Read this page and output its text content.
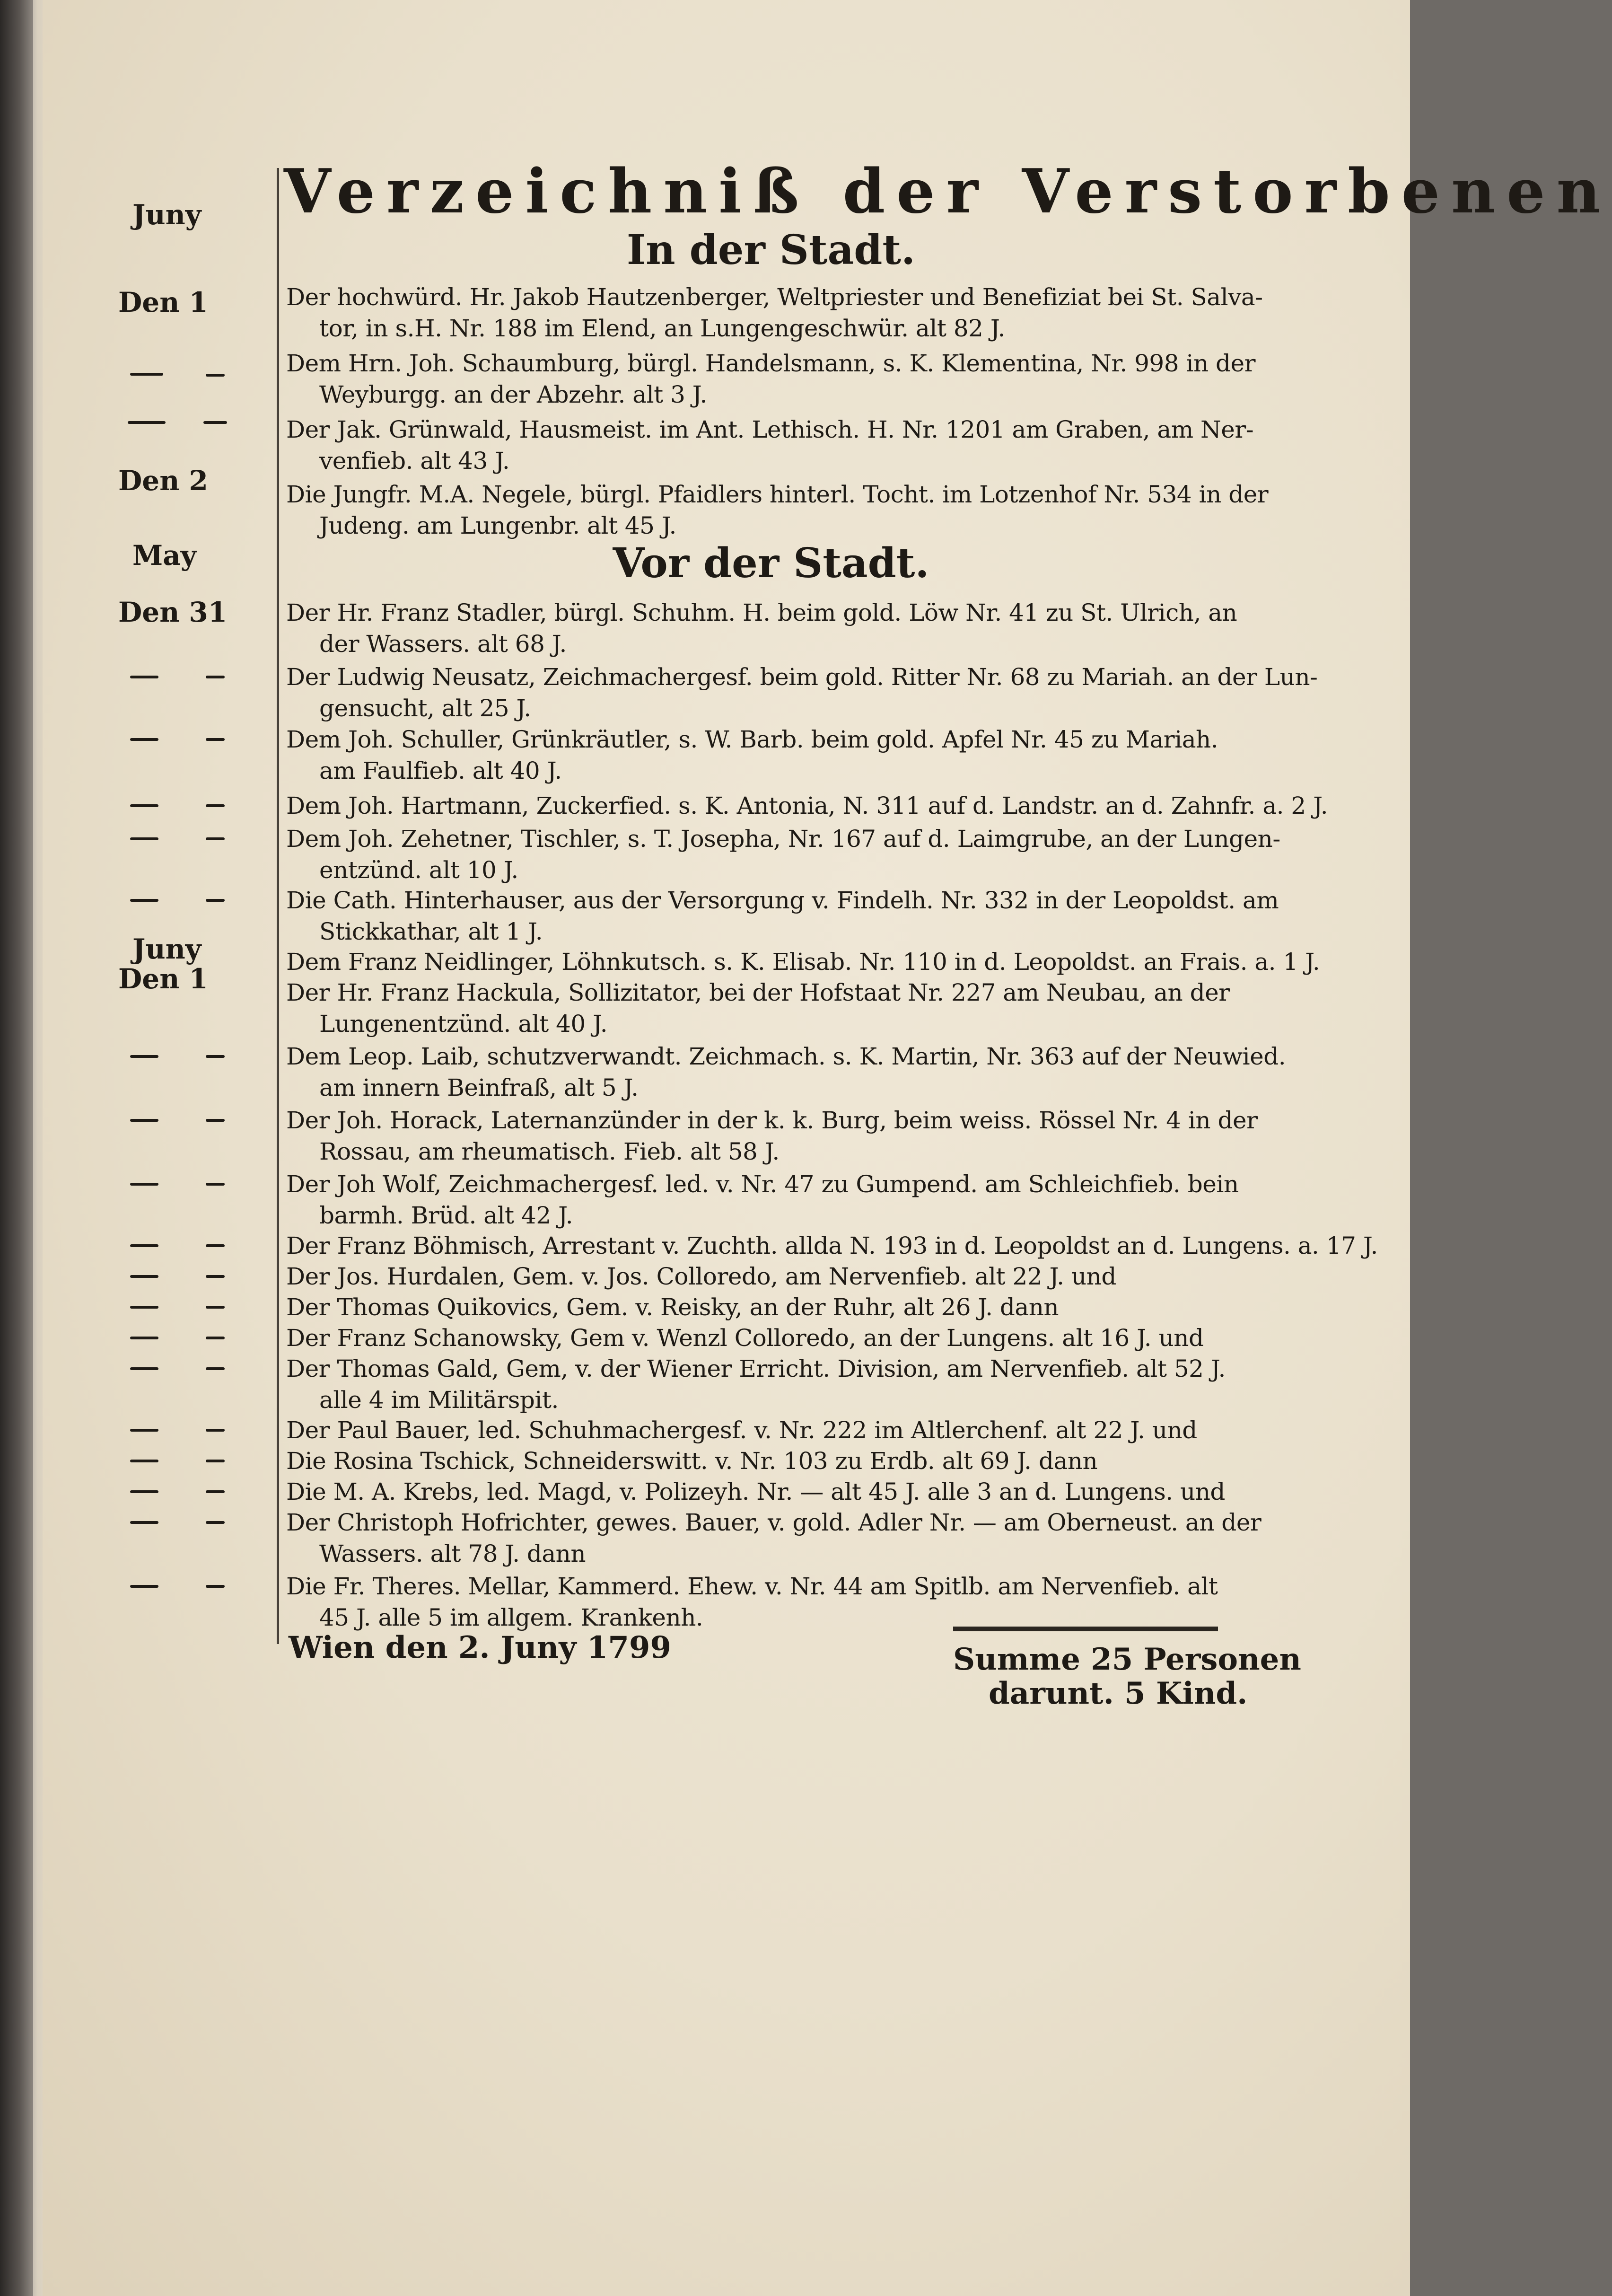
Verzeichniß der Verstorbenen
In der Stadt.
Vor der Stadt.
Juny
Den 1
Den 2
May
Den 31
Juny
Den 1
Der hochwürd. Hr. Jakob Hautzenberger, Weltpriester und Benefiziat bei St. Salva-
tor, in s.H. Nr. 188 im Elend, an Lungengeschwür. alt 82 J.
Dem Hrn. Joh. Schaumburg, bürgl. Handelsmann, s. K. Klementina, Nr. 998 in der
Weyburgg. an der Abzehr. alt 3 J.
Der Jak. Grünwald, Hausmeist. im Ant. Lethisch. H. Nr. 1201 am Graben, am Ner-
venfieb. alt 43 J.
Die Jungfr. M.A. Negele, bürgl. Pfaidlers hinterl. Tocht. im Lotzenhof Nr. 534 in der
Judeng. am Lungenbr. alt 45 J.
Der Hr. Franz Stadler, bürgl. Schuhm. H. beim gold. Löw Nr. 41 zu St. Ulrich, an
der Wassers. alt 68 J.
Der Ludwig Neusatz, Zeichmachergesf. beim gold. Ritter Nr. 68 zu Mariah. an der Lun-
gensucht, alt 25 J.
Dem Joh. Schuller, Grünkräutler, s. W. Barb. beim gold. Apfel Nr. 45 zu Mariah.
am Faulfieb. alt 40 J.
Dem Joh. Hartmann, Zuckerfied. s. K. Antonia, N. 311 auf d. Landstr. an d. Zahnfr. a. 2 J.
Dem Joh. Zehetner, Tischler, s. T. Josepha, Nr. 167 auf d. Laimgrube, an der Lungen-
entzünd. alt 10 J.
Die Cath. Hinterhauser, aus der Versorgung v. Findelh. Nr. 332 in der Leopoldst. am
Stickkathar, alt 1 J.
Dem Franz Neidlinger, Löhnkutsch. s. K. Elisab. Nr. 110 in d. Leopoldst. an Frais. a. 1 J.
Der Hr. Franz Hackula, Sollizitator, bei der Hofstaat Nr. 227 am Neubau, an der
Lungenentzünd. alt 40 J.
Dem Leop. Laib, schutzverwandt. Zeichmach. s. K. Martin, Nr. 363 auf der Neuwied.
am innern Beinfraß, alt 5 J.
Der Joh. Horack, Laternanzünder in der k. k. Burg, beim weiss. Rössel Nr. 4 in der
Rossau, am rheumatisch. Fieb. alt 58 J.
Der Joh Wolf, Zeichmachergesf. led. v. Nr. 47 zu Gumpend. am Schleichfieb. bein
barmh. Brüd. alt 42 J.
Der Franz Böhmisch, Arrestant v. Zuchth. allda N. 193 in d. Leopoldst an d. Lungens. a. 17 J.
Der Jos. Hurdalen, Gem. v. Jos. Colloredo, am Nervenfieb. alt 22 J. und
Der Thomas Quikovics, Gem. v. Reisky, an der Ruhr, alt 26 J. dann
Der Franz Schanowsky, Gem v. Wenzl Colloredo, an der Lungens. alt 16 J. und
Der Thomas Gald, Gem, v. der Wiener Erricht. Division, am Nervenfieb. alt 52 J.
alle 4 im Militärspit.
Der Paul Bauer, led. Schuhmachergesf. v. Nr. 222 im Altlerchenf. alt 22 J. und
Die Rosina Tschick, Schneiderswitt. v. Nr. 103 zu Erdb. alt 69 J. dann
Die M. A. Krebs, led. Magd, v. Polizeyh. Nr. — alt 45 J. alle 3 an d. Lungens. und
Der Christoph Hofrichter, gewes. Bauer, v. gold. Adler Nr. — am Oberneust. an der
Wassers. alt 78 J. dann
Die Fr. Theres. Mellar, Kammerd. Ehew. v. Nr. 44 am Spitlb. am Nervenfieb. alt
45 J. alle 5 im allgem. Krankenh.
Wien den 2. Juny 1799	Summe 25 Personen
darunt. 5 Kind.
